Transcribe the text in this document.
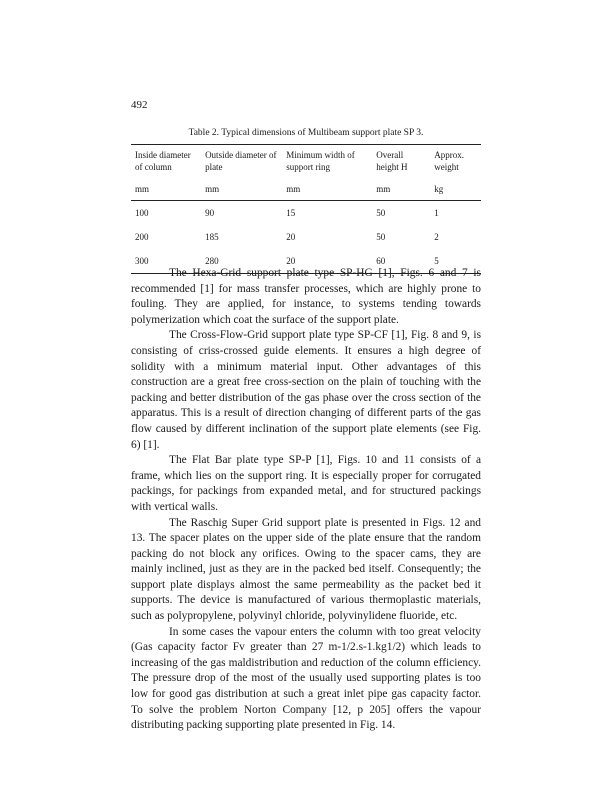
492
Table 2. Typical dimensions of Multibeam support plate SP 3.
Inside diameter of column	Outside diameter of plate	Minimum width of support ring	Overall height H	Approx. weight
mm	mm	mm	mm	kg
100	90	15	50	1
200	185	20	50	2
300	280	20	60	5

The Hexa-Grid support plate type SP-HG [1], Figs. 6 and 7 is recommended [1] for mass transfer processes, which are highly prone to fouling. They are applied, for instance, to systems tending towards polymerization which coat the surface of the support plate.

The Cross-Flow-Grid support plate type SP-CF [1], Fig. 8 and 9, is consisting of criss-crossed guide elements. It ensures a high degree of solidity with a minimum material input. Other advantages of this construction are a great free cross-section on the plain of touching with the packing and better distribution of the gas phase over the cross section of the apparatus. This is a result of direction changing of different parts of the gas flow caused by different inclination of the support plate elements (see Fig. 6) [1].

The Flat Bar plate type SP-P [1], Figs. 10 and 11 consists of a frame, which lies on the support ring. It is especially proper for corrugated packings, for packings from expanded metal, and for structured packings with vertical walls.

The Raschig Super Grid support plate is presented in Figs. 12 and 13. The spacer plates on the upper side of the plate ensure that the random packing do not block any orifices. Owing to the spacer cams, they are mainly inclined, just as they are in the packed bed itself. Consequently; the support plate displays almost the same permeability as the packet bed it supports. The device is manufactured of various thermoplastic materials, such as polypropylene, polyvinyl chloride, polyvinylidene fluoride, etc.

In some cases the vapour enters the column with too great velocity (Gas capacity factor Fv greater than 27 m-1/2.s-1.kg1/2) which leads to increasing of the gas maldistribution and reduction of the column efficiency. The pressure drop of the most of the usually used supporting plates is too low for good gas distribution at such a great inlet pipe gas capacity factor. To solve the problem Norton Company [12, p 205] offers the vapour distributing packing supporting plate presented in Fig. 14.
